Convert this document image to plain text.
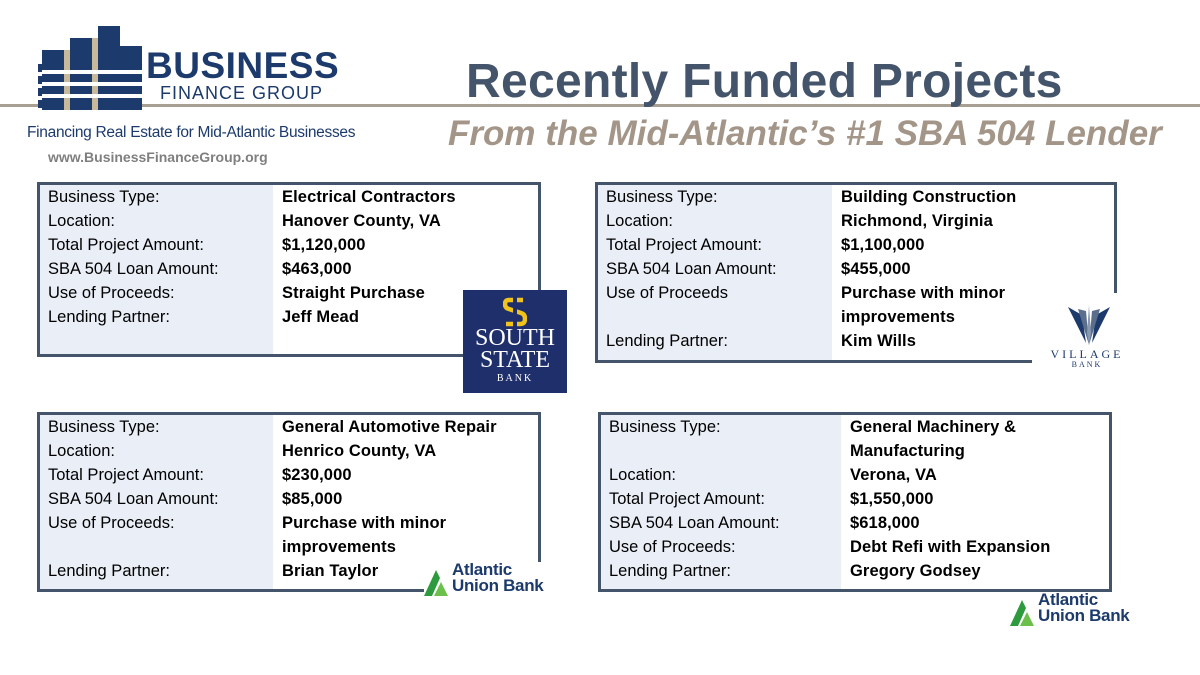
BUSINESS
FINANCE GROUP
Financing Real Estate for Mid-Atlantic Businesses
www.BusinessFinanceGroup.org
Recently Funded Projects
From the Mid-Atlantic’s #1 SBA 504 Lender
Business Type:	Electrical Contractors
Location:	Hanover County, VA
Total Project Amount:	$1,120,000
SBA 504 Loan Amount:	$463,000
Use of Proceeds:	Straight Purchase
Lending Partner:	Jeff Mead
Business Type:	Building Construction
Location:	Richmond, Virginia
Total Project Amount:	$1,100,000
SBA 504 Loan Amount:	$455,000
Use of Proceeds	Purchase with minor
	improvements
Lending Partner:	Kim Wills
Business Type:	General Automotive Repair
Location:	Henrico County, VA
Total Project Amount:	$230,000
SBA 504 Loan Amount:	$85,000
Use of Proceeds:	Purchase with minor
	improvements
Lending Partner:	Brian Taylor
Business Type:	General Machinery &
	Manufacturing
Location:	Verona, VA
Total Project Amount:	$1,550,000
SBA 504 Loan Amount:	$618,000
Use of Proceeds:	Debt Refi with Expansion
Lending Partner:	Gregory Godsey
SOUTH
STATE
BANK
VILLAGE
BANK
Atlantic
Union Bank
Atlantic
Union Bank
